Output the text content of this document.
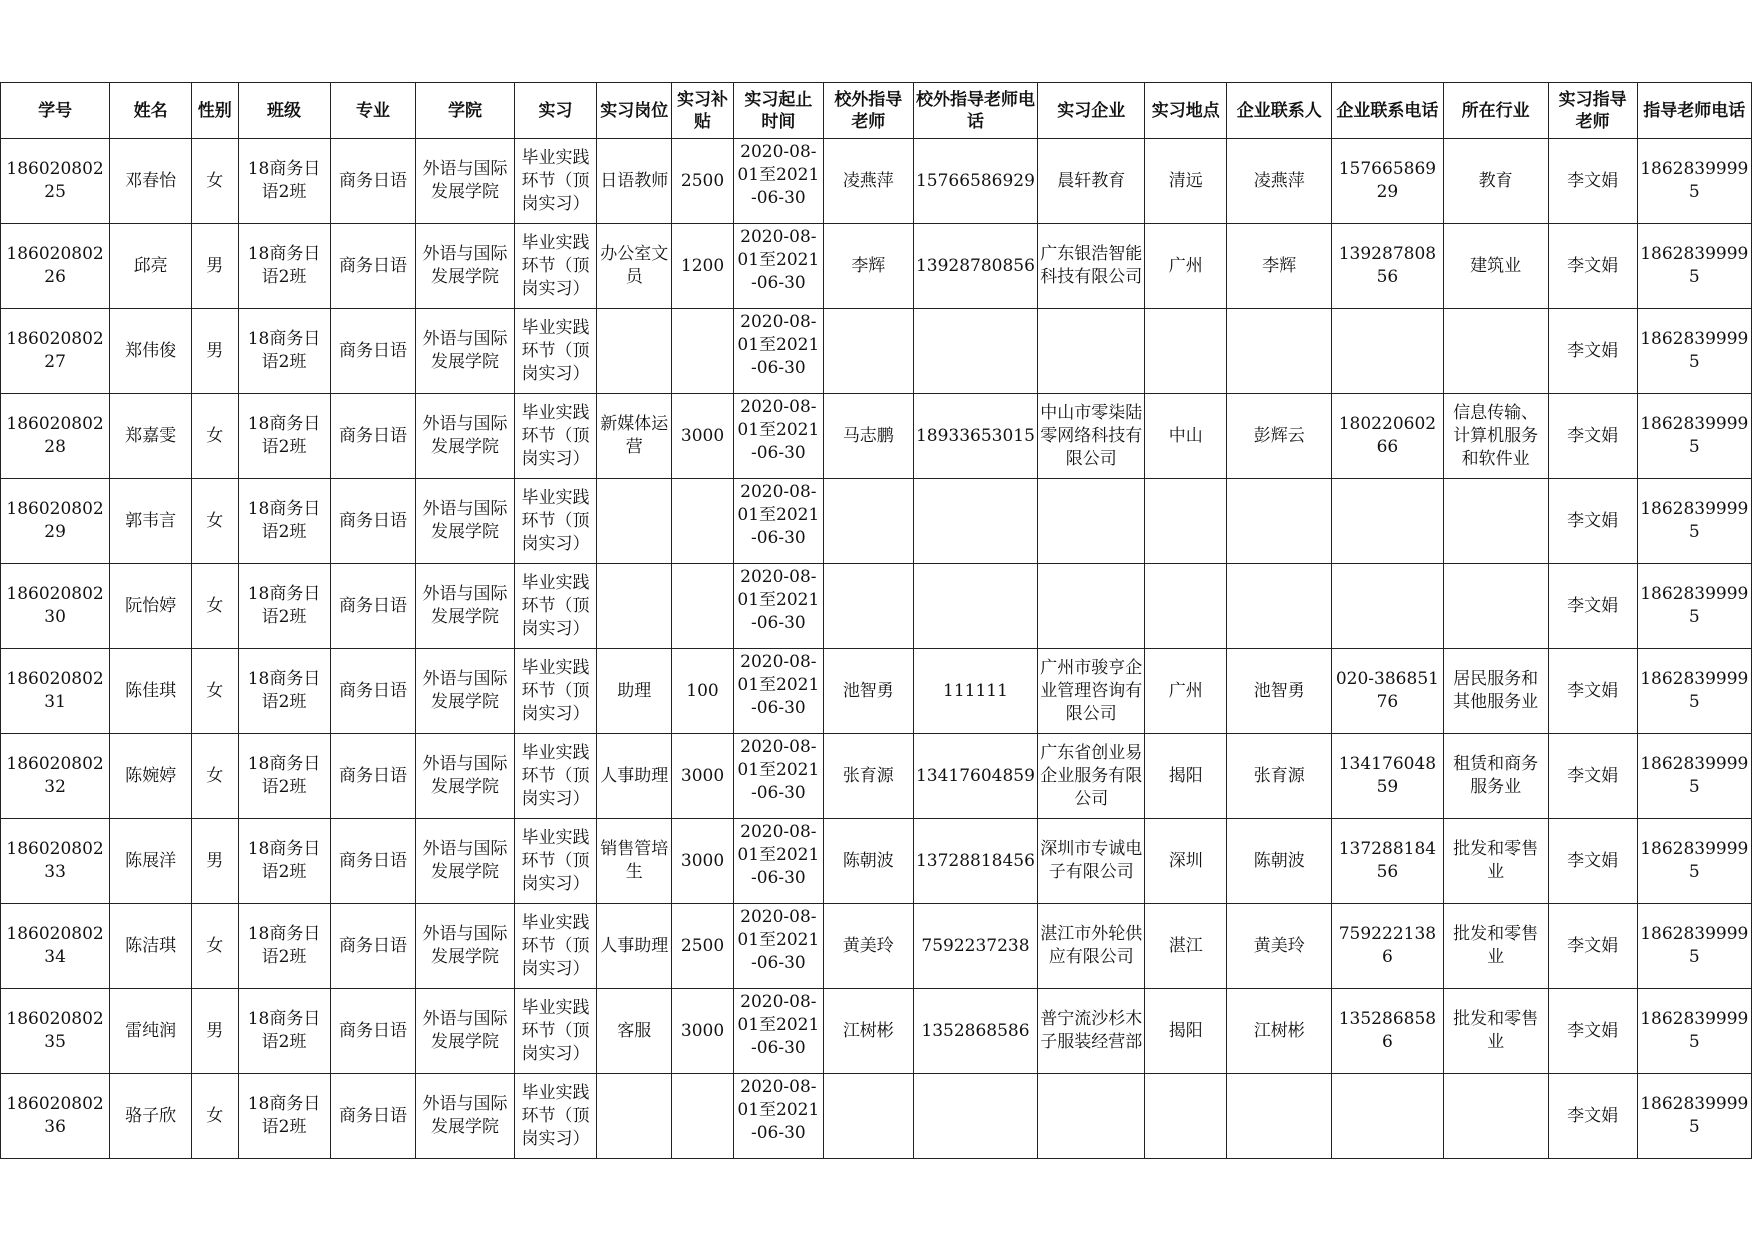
学号	姓名	性别	班级	专业	学院	实习	实习岗位	实习补贴	实习起止时间	校外指导老师	校外指导老师电话	实习企业	实习地点	企业联系人	企业联系电话	所在行业	实习指导老师	指导老师电话
18602080225	邓春怡	女	18商务日语2班	商务日语	外语与国际发展学院	毕业实践环节（顶岗实习）	日语教师	2500	2020-08-01至2021-06-30	凌燕萍	15766586929	晨轩教育	清远	凌燕萍	15766586929	教育	李文娟	18628399995
18602080226	邱亮	男	18商务日语2班	商务日语	外语与国际发展学院	毕业实践环节（顶岗实习）	办公室文员	1200	2020-08-01至2021-06-30	李辉	13928780856	广东银浩智能科技有限公司	广州	李辉	13928780856	建筑业	李文娟	18628399995
18602080227	郑伟俊	男	18商务日语2班	商务日语	外语与国际发展学院	毕业实践环节（顶岗实习）			2020-08-01至2021-06-30								李文娟	18628399995
18602080228	郑嘉雯	女	18商务日语2班	商务日语	外语与国际发展学院	毕业实践环节（顶岗实习）	新媒体运营	3000	2020-08-01至2021-06-30	马志鹏	18933653015	中山市零柒陆零网络科技有限公司	中山	彭辉云	18022060266	信息传输、计算机服务和软件业	李文娟	18628399995
18602080229	郭韦言	女	18商务日语2班	商务日语	外语与国际发展学院	毕业实践环节（顶岗实习）			2020-08-01至2021-06-30								李文娟	18628399995
18602080230	阮怡婷	女	18商务日语2班	商务日语	外语与国际发展学院	毕业实践环节（顶岗实习）			2020-08-01至2021-06-30								李文娟	18628399995
18602080231	陈佳琪	女	18商务日语2班	商务日语	外语与国际发展学院	毕业实践环节（顶岗实习）	助理	100	2020-08-01至2021-06-30	池智勇	111111	广州市骏亨企业管理咨询有限公司	广州	池智勇	020-38685176	居民服务和其他服务业	李文娟	18628399995
18602080232	陈婉婷	女	18商务日语2班	商务日语	外语与国际发展学院	毕业实践环节（顶岗实习）	人事助理	3000	2020-08-01至2021-06-30	张育源	13417604859	广东省创业易企业服务有限公司	揭阳	张育源	13417604859	租赁和商务服务业	李文娟	18628399995
18602080233	陈展洋	男	18商务日语2班	商务日语	外语与国际发展学院	毕业实践环节（顶岗实习）	销售管培生	3000	2020-08-01至2021-06-30	陈朝波	13728818456	深圳市专诚电子有限公司	深圳	陈朝波	13728818456	批发和零售业	李文娟	18628399995
18602080234	陈洁琪	女	18商务日语2班	商务日语	外语与国际发展学院	毕业实践环节（顶岗实习）	人事助理	2500	2020-08-01至2021-06-30	黄美玲	7592237238	湛江市外轮供应有限公司	湛江	黄美玲	7592221386	批发和零售业	李文娟	18628399995
18602080235	雷纯润	男	18商务日语2班	商务日语	外语与国际发展学院	毕业实践环节（顶岗实习）	客服	3000	2020-08-01至2021-06-30	江树彬	1352868586	普宁流沙杉木子服装经营部	揭阳	江树彬	1352868586	批发和零售业	李文娟	18628399995
18602080236	骆子欣	女	18商务日语2班	商务日语	外语与国际发展学院	毕业实践环节（顶岗实习）			2020-08-01至2021-06-30								李文娟	18628399995
